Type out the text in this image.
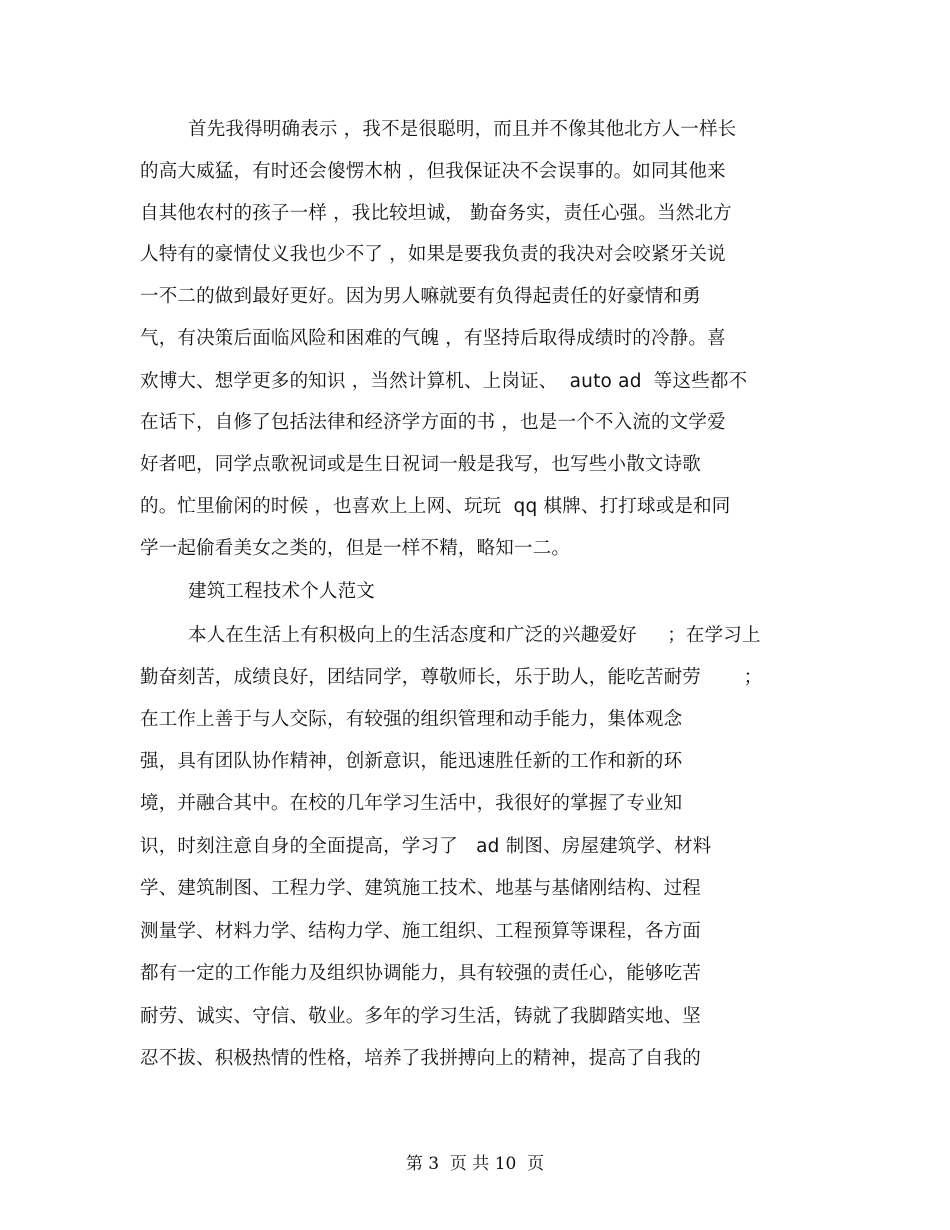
首先我得明确表示 ，我不是很聪明，而且并不像其他北方人一样长
的高大威猛，有时还会傻愣木枘 ，但我保证决不会误事的。如同其他来
自其他农村的孩子一样 ，我比较坦诚， 勤奋务实，责任心强。当然北方
人特有的豪情仗义我也少不了 ，如果是要我负责的我决对会咬紧牙关说
一不二的做到最好更好。因为男人嘛就要有负得起责任的好豪情和勇
气，有决策后面临风险和困难的气魄 ，有坚持后取得成绩时的冷静。喜
欢博大、想学更多的知识 ，当然计算机、上岗证、  auto ad  等这些都不
在话下，自修了包括法律和经济学方面的书 ，也是一个不入流的文学爱
好者吧，同学点歌祝词或是生日祝词一般是我写，也写些小散文诗歌
的。忙里偷闲的时候 ，也喜欢上上网、玩玩  qq 棋牌、打打球或是和同
学一起偷看美女之类的，但是一样不精，略知一二。
建筑工程技术个人范文
本人在生活上有积极向上的生活态度和广泛的兴趣爱好     ；在学习上
勤奋刻苦，成绩良好，团结同学，尊敬师长，乐于助人，能吃苦耐劳       ；
在工作上善于与人交际，有较强的组织管理和动手能力，集体观念
强，具有团队协作精神，创新意识，能迅速胜任新的工作和新的环
境，并融合其中。在校的几年学习生活中，我很好的掌握了专业知
识，时刻注意自身的全面提高，学习了   ad 制图、房屋建筑学、材料
学、建筑制图、工程力学、建筑施工技术、地基与基储刚结构、过程
测量学、材料力学、结构力学、施工组织、工程预算等课程，各方面
都有一定的工作能力及组织协调能力，具有较强的责任心，能够吃苦
耐劳、诚实、守信、敬业。多年的学习生活，铸就了我脚踏实地、坚
忍不拔、积极热情的性格，培养了我拼搏向上的精神，提高了自我的
第 3  页 共 10  页
